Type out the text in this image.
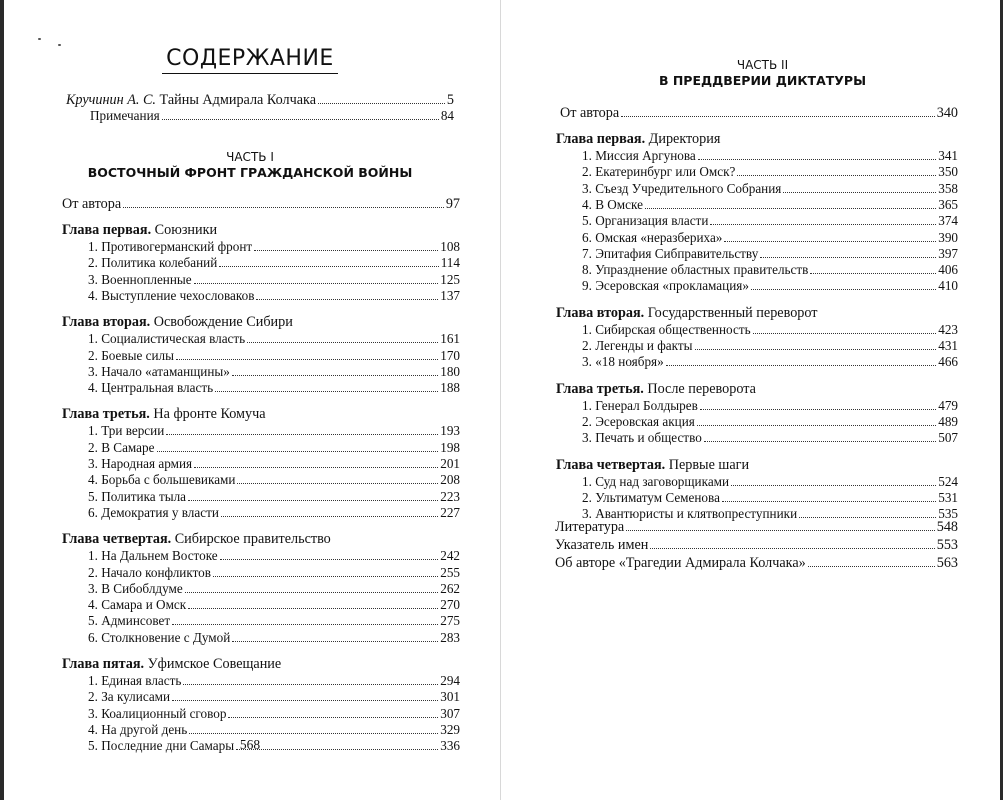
СОДЕРЖАНИЕ
Кручинин А. С. Тайны Адмирала Колчака	5
Примечания	84
ЧАСТЬ I
ВОСТОЧНЫЙ ФРОНТ ГРАЖДАНСКОЙ ВОЙНЫ
От автора	97
Глава первая. Союзники
1. Противогерманский фронт	108
2. Политика колебаний	114
3. Военнопленные	125
4. Выступление чехословаков	137
Глава вторая. Освобождение Сибири
1. Социалистическая власть	161
2. Боевые силы	170
3. Начало «атаманщины»	180
4. Центральная власть	188
Глава третья. На фронте Комуча
1. Три версии	193
2. В Самаре	198
3. Народная армия	201
4. Борьба с большевиками	208
5. Политика тыла	223
6. Демократия у власти	227
Глава четвертая. Сибирское правительство
1. На Дальнем Востоке	242
2. Начало конфликтов	255
3. В Сибоблдуме	262
4. Самара и Омск	270
5. Админсовет	275
6. Столкновение с Думой	283
Глава пятая. Уфимское Совещание
1. Единая власть	294
2. За кулисами	301
3. Коалиционный сговор	307
4. На другой день	329
5. Последние дни Самары	336
568
ЧАСТЬ II
В ПРЕДДВЕРИИ ДИКТАТУРЫ
От автора	340
Глава первая. Директория
1. Миссия Аргунова	341
2. Екатеринбург или Омск?	350
3. Съезд Учредительного Собрания	358
4. В Омске	365
5. Организация власти	374
6. Омская «неразбериха»	390
7. Эпитафия Сибправительству	397
8. Упразднение областных правительств	406
9. Эсеровская «прокламация»	410
Глава вторая. Государственный переворот
1. Сибирская общественность	423
2. Легенды и факты	431
3. «18 ноября»	466
Глава третья. После переворота
1. Генерал Болдырев	479
2. Эсеровская акция	489
3. Печать и общество	507
Глава четвертая. Первые шаги
1. Суд над заговорщиками	524
2. Ультиматум Семенова	531
3. Авантюристы и клятвопреступники	535
Литература	548
Указатель имен	553
Об авторе «Трагедии Адмирала Колчака»	563
